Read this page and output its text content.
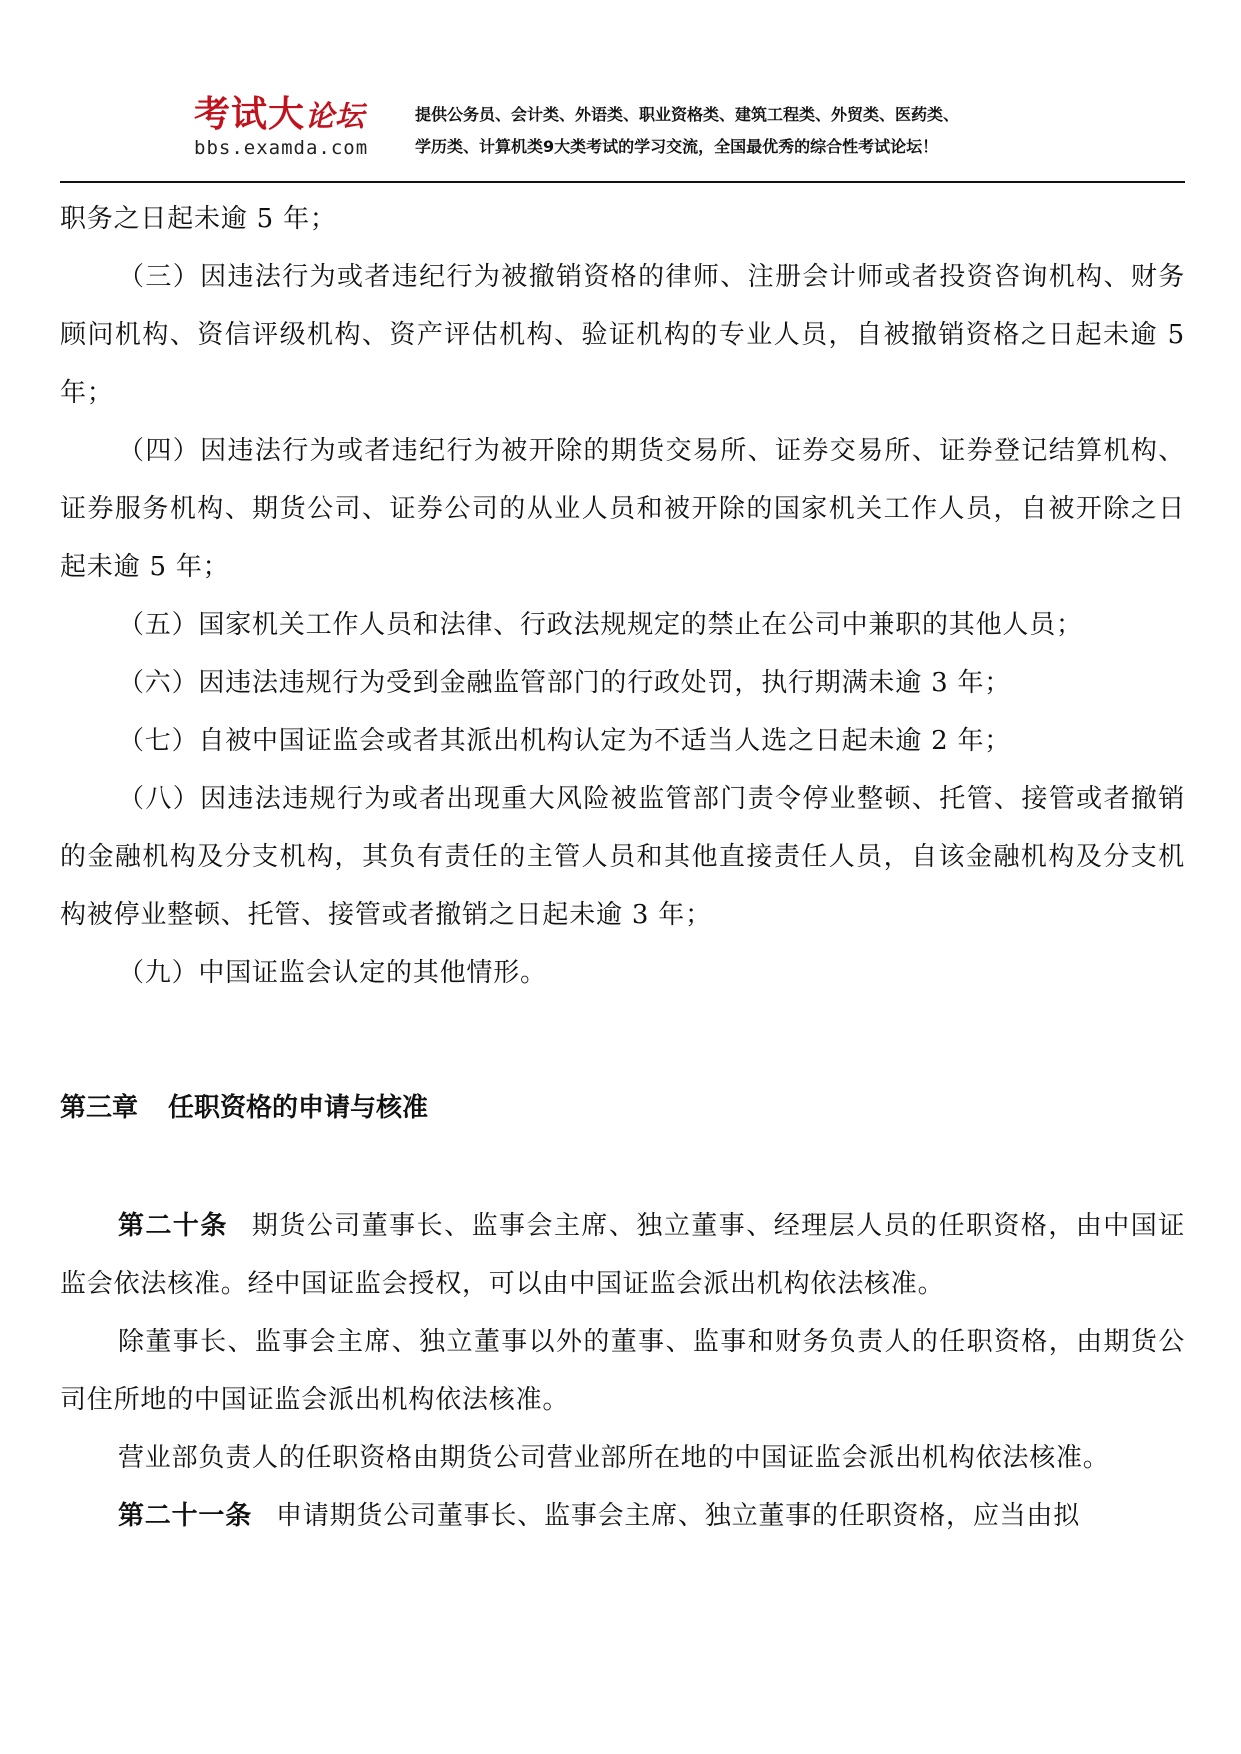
考试大论坛
bbs.examda.com
提供公务员、会计类、外语类、职业资格类、建筑工程类、外贸类、医药类、
学历类、计算机类9大类考试的学习交流，全国最优秀的综合性考试论坛！

职务之日起未逾 5 年；

（三）因违法行为或者违纪行为被撤销资格的律师、注册会计师或者投资咨询机构、财务顾问机构、资信评级机构、资产评估机构、验证机构的专业人员，自被撤销资格之日起未逾 5 年；

（四）因违法行为或者违纪行为被开除的期货交易所、证券交易所、证券登记结算机构、证券服务机构、期货公司、证券公司的从业人员和被开除的国家机关工作人员，自被开除之日起未逾 5 年；

（五）国家机关工作人员和法律、行政法规规定的禁止在公司中兼职的其他人员；

（六）因违法违规行为受到金融监管部门的行政处罚，执行期满未逾 3 年；

（七）自被中国证监会或者其派出机构认定为不适当人选之日起未逾 2 年；

（八）因违法违规行为或者出现重大风险被监管部门责令停业整顿、托管、接管或者撤销的金融机构及分支机构，其负有责任的主管人员和其他直接责任人员，自该金融机构及分支机构被停业整顿、托管、接管或者撤销之日起未逾 3 年；

（九）中国证监会认定的其他情形。

第三章 任职资格的申请与核准

第二十条 期货公司董事长、监事会主席、独立董事、经理层人员的任职资格，由中国证监会依法核准。经中国证监会授权，可以由中国证监会派出机构依法核准。

除董事长、监事会主席、独立董事以外的董事、监事和财务负责人的任职资格，由期货公司住所地的中国证监会派出机构依法核准。

营业部负责人的任职资格由期货公司营业部所在地的中国证监会派出机构依法核准。

第二十一条 申请期货公司董事长、监事会主席、独立董事的任职资格，应当由拟
